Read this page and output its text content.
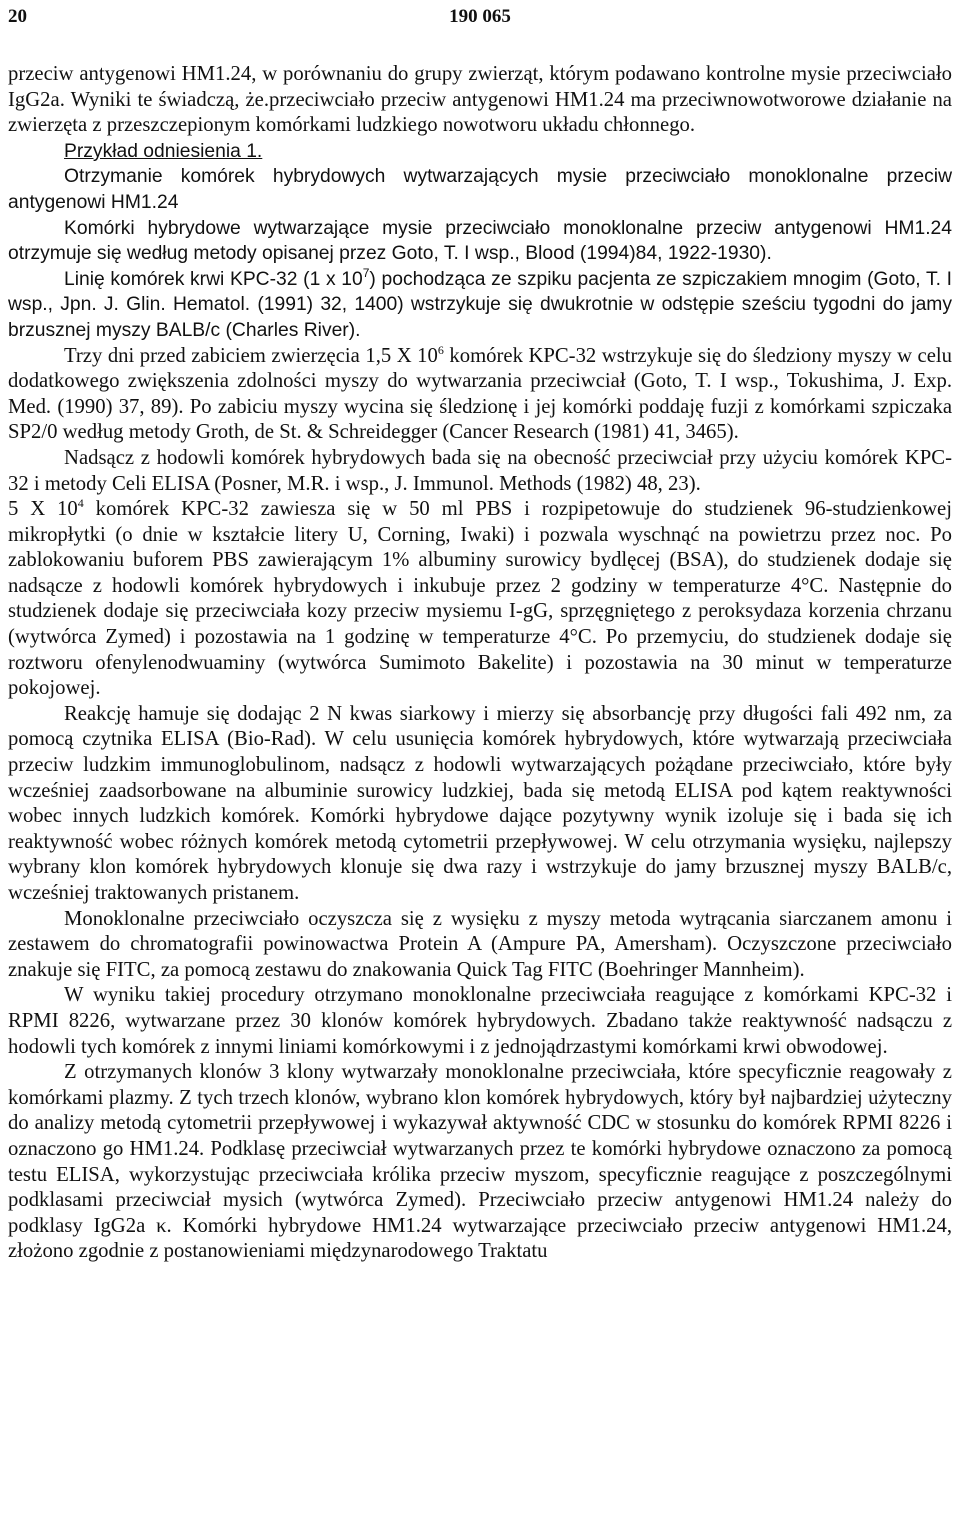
20	190 065

przeciw antygenowi HM1.24, w porównaniu do grupy zwierząt, którym podawano kontrolne mysie przeciwciało IgG2a. Wyniki te świadczą, że.przeciwciało przeciw antygenowi HM1.24 ma przeciwnowotworowe działanie na zwierzęta z przeszczepionym komórkami ludzkiego nowotworu układu chłonnego.

Przykład odniesienia 1.

Otrzymanie komórek hybrydowych wytwarzających mysie przeciwciało monoklonalne przeciw antygenowi HM1.24

Komórki hybrydowe wytwarzające mysie przeciwciało monoklonalne przeciw antygenowi HM1.24 otrzymuje się według metody opisanej przez Goto, T. I wsp., Blood (1994)84, 1922-1930).

Linię komórek krwi KPC-32 (1 x $10^7$) pochodząca ze szpiku pacjenta ze szpiczakiem mnogim (Goto, T. I wsp., Jpn. J. Glin. Hematol. (1991) 32, 1400) wstrzykuje się dwukrotnie w odstępie sześciu tygodni do jamy brzusznej myszy BALB/c (Charles River).

Trzy dni przed zabiciem zwierzęcia 1,5 X $10^6$ komórek KPC-32 wstrzykuje się do śledziony myszy w celu dodatkowego zwiększenia zdolności myszy do wytwarzania przeciwciał (Goto, T. I wsp., Tokushima, J. Exp. Med. (1990) 37, 89). Po zabiciu myszy wycina się śledzionę i jej komórki poddaję fuzji z komórkami szpiczaka SP2/0 według metody Groth, de St. & Schreidegger (Cancer Research (1981) 41, 3465).

Nadsącz z hodowli komórek hybrydowych bada się na obecność przeciwciał przy użyciu komórek KPC-32 i metody Celi ELISA (Posner, M.R. i wsp., J. Immunol. Methods (1982) 48, 23).

5 X $10^4$ komórek KPC-32 zawiesza się w 50 ml PBS i rozpipetowuje do studzienek 96-studzienkowej mikropłytki (o dnie w kształcie litery U, Corning, Iwaki) i pozwala wyschnąć na powietrzu przez noc. Po zablokowaniu buforem PBS zawierającym 1% albuminy surowicy bydlęcej (BSA), do studzienek dodaje się nadsącze z hodowli komórek hybrydowych i inkubuje przez 2 godziny w temperaturze 4°C. Następnie do studzienek dodaje się przeciwciała kozy przeciw mysiemu I-gG, sprzęgniętego z peroksydaza korzenia chrzanu (wytwórca Zymed) i pozostawia na 1 godzinę w temperaturze 4°C. Po przemyciu, do studzienek dodaje się roztworu ofenylenodwuaminy (wytwórca Sumimoto Bakelite) i pozostawia na 30 minut w temperaturze pokojowej.

Reakcję hamuje się dodając 2 N kwas siarkowy i mierzy się absorbancję przy długości fali 492 nm, za pomocą czytnika ELISA (Bio-Rad). W celu usunięcia komórek hybrydowych, które wytwarzają przeciwciała przeciw ludzkim immunoglobulinom, nadsącz z hodowli wytwarzających pożądane przeciwciało, które były wcześniej zaadsorbowane na albuminie surowicy ludzkiej, bada się metodą ELISA pod kątem reaktywności wobec innych ludzkich komórek. Komórki hybrydowe dające pozytywny wynik izoluje się i bada się ich reaktywność wobec różnych komórek metodą cytometrii przepływowej. W celu otrzymania wysięku, najlepszy wybrany klon komórek hybrydowych klonuje się dwa razy i wstrzykuje do jamy brzusznej myszy BALB/c, wcześniej traktowanych pristanem.

Monoklonalne przeciwciało oczyszcza się z wysięku z myszy metoda wytrącania siarczanem amonu i zestawem do chromatografii powinowactwa Protein A (Ampure PA, Amersham). Oczyszczone przeciwciało znakuje się FITC, za pomocą zestawu do znakowania Quick Tag FITC (Boehringer Mannheim).

W wyniku takiej procedury otrzymano monoklonalne przeciwciała reagujące z komórkami KPC-32 i RPMI 8226, wytwarzane przez 30 klonów komórek hybrydowych. Zbadano także reaktywność nadsączu z hodowli tych komórek z innymi liniami komórkowymi i z jednojądrzastymi komórkami krwi obwodowej.

Z otrzymanych klonów 3 klony wytwarzały monoklonalne przeciwciała, które specyficznie reagowały z komórkami plazmy. Z tych trzech klonów, wybrano klon komórek hybrydowych, który był najbardziej użyteczny do analizy metodą cytometrii przepływowej i wykazywał aktywność CDC w stosunku do komórek RPMI 8226 i oznaczono go HM1.24. Podklasę przeciwciał wytwarzanych przez te komórki hybrydowe oznaczono za pomocą testu ELISA, wykorzystując przeciwciała królika przeciw myszom, specyficznie reagujące z poszczególnymi podklasami przeciwciał mysich (wytwórca Zymed). Przeciwciało przeciw antygenowi HM1.24 należy do podklasy IgG2a κ. Komórki hybrydowe HM1.24 wytwarzające przeciwciało przeciw antygenowi HM1.24, złożono zgodnie z postanowieniami międzynarodowego Traktatu
